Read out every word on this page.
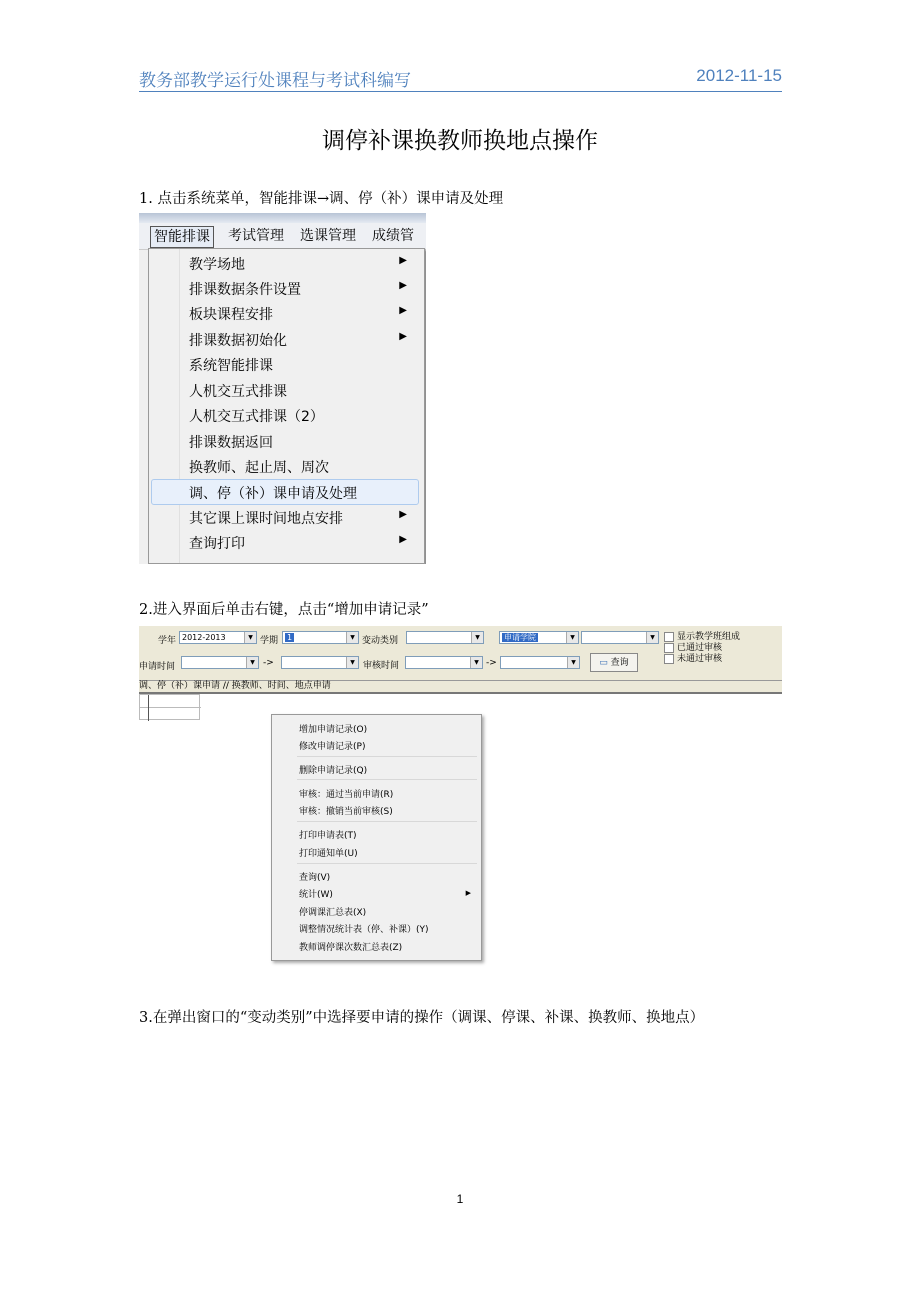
教务部教学运行处课程与考试科编写	2012-11-15
调停补课换教师换地点操作
1. 点击系统菜单，智能排课→调、停（补）课申请及处理
智能排课 考试管理 选课管理 成绩管
教学场地	▶
排课数据条件设置	▶
板块课程安排	▶
排课数据初始化	▶
系统智能排课
人机交互式排课
人机交互式排课（2）
排课数据返回
换教师、起止周、周次
调、停（补）课申请及处理
其它课上课时间地点安排	▶
查询打印	▶
2.进入界面后单击右键，点击“增加申请记录”
学年 2012-2013	▼ 学期	1	▼ 变动类别	▼	申请学院	▼	▼	显示教学班组成
已通过审核
未通过审核
申请时间	▼ ->	▼ 审核时间	▼ ->	▼	▭ 查询
调、停（补）课申请 // 换教师、时间、地点申请
增加申请记录(O)
修改申请记录(P)
删除申请记录(Q)
审核：通过当前申请(R)
审核：撤销当前审核(S)
打印申请表(T)
打印通知单(U)
查询(V)
统计(W)	▶
停调课汇总表(X)
调整情况统计表（停、补课）(Y)
教师调停课次数汇总表(Z)
3.在弹出窗口的“变动类别”中选择要申请的操作（调课、停课、补课、换教师、换地点）
1
